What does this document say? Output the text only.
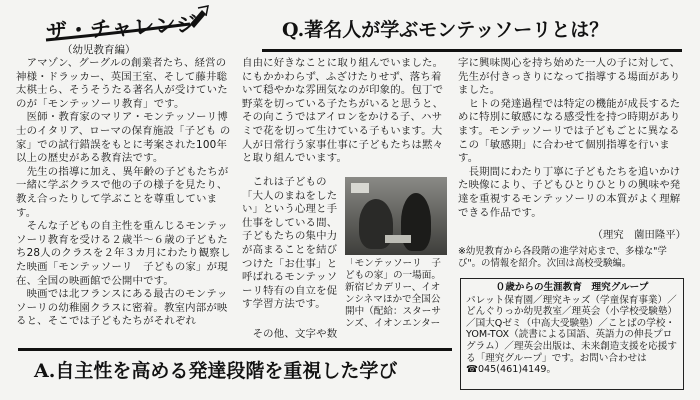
ザ・チャレンジ
（幼児教育編）
Q.著名人が学ぶモンテッソーリとは？
　アマゾン、グーグルの創業者たち、経営の神様・ドラッカー、英国王室、そして藤井聡太棋士ら、そうそうたる著名人が受けていたのが「モンテッソーリ教育」です。
　医師・教育家のマリア・モンテッソーリ博士のイタリア、ローマの保育施設「子ども の家」での試行錯誤をもとに考案された100年以上の歴史がある教育法です。
　先生の指導に加え、異年齢の子どもたちが一緒に学ぶクラスで他の子の様子を見たり、教え合ったりして学ぶことを尊重しています。
　そんな子どもの自主性を重んじるモンテッソーリ教育を受ける２歳半〜６歳の子どもたち28人のクラスを２年３カ月にわたり観察した映画「モンテッソーリ　子どもの家」が現在、全国の映画館で公開中です。
　映画では北フランスにある最古のモンテッソーリの幼稚園クラスに密着。教室内部が映ると、そこでは子どもたちがそれぞれ
自由に好きなことに取り組んでいました。にもかかわらず、ふざけたりせず、落ち着いて穏やかな雰囲気なのが印象的。包丁で野菜を切っている子たちがいると思うと、その向こうではアイロンをかける子、ハサミで花を切って生けている子もいます。大人が日常行う家事仕事に子どもたちは黙々と取り組んでいます。
　これは子どもの「大人のまねをしたい」という心理と手仕事をしている間、子どもたちの集中力が高まることを結びつけた「お仕事」と呼ばれるモンテッソーリ特有の自立を促す学習方法です。
　その他、文字や数
字に興味関心を持ち始めた一人の子に対して、先生が付きっきりになって指導する場面がありました。
　ヒトの発達過程では特定の機能が成長するために特別に敏感になる感受性を持つ時期があります。モンテッソーリでは子どもごとに異なるこの「敏感期」に合わせて個別指導を行います。
　長期間にわたり丁寧に子どもたちを追いかけた映像により、子どもひとりひとりの興味や発達を重視するモンテッソーリの本質がよく理解できる作品です。
「モンテッソーリ　子どもの家」の一場面。新宿ピカデリー、イオンシネマほかで全国公開中（配給：スターサンズ、イオンエンター
（理究　薗田隆平）
※幼児教育から各段階の進学対応まで、多様な"学び"。の情報を紹介。次回は高校受験編。
０歳からの生涯教育　理究グループ
パレット保育園／理究キッズ（学童保育事業）／どんぐりっか幼児教室／理英会（小学校受験塾）／国大Qゼミ（中高大受験塾）／ことばの学校・YOM-TOX（読書による国語、英語力の伸長プログラム）／理英会出版は、未来創造支援を応援する「理究グループ」です。お問い合わせは☎045(461)4149。
A.自主性を高める発達段階を重視した学び
